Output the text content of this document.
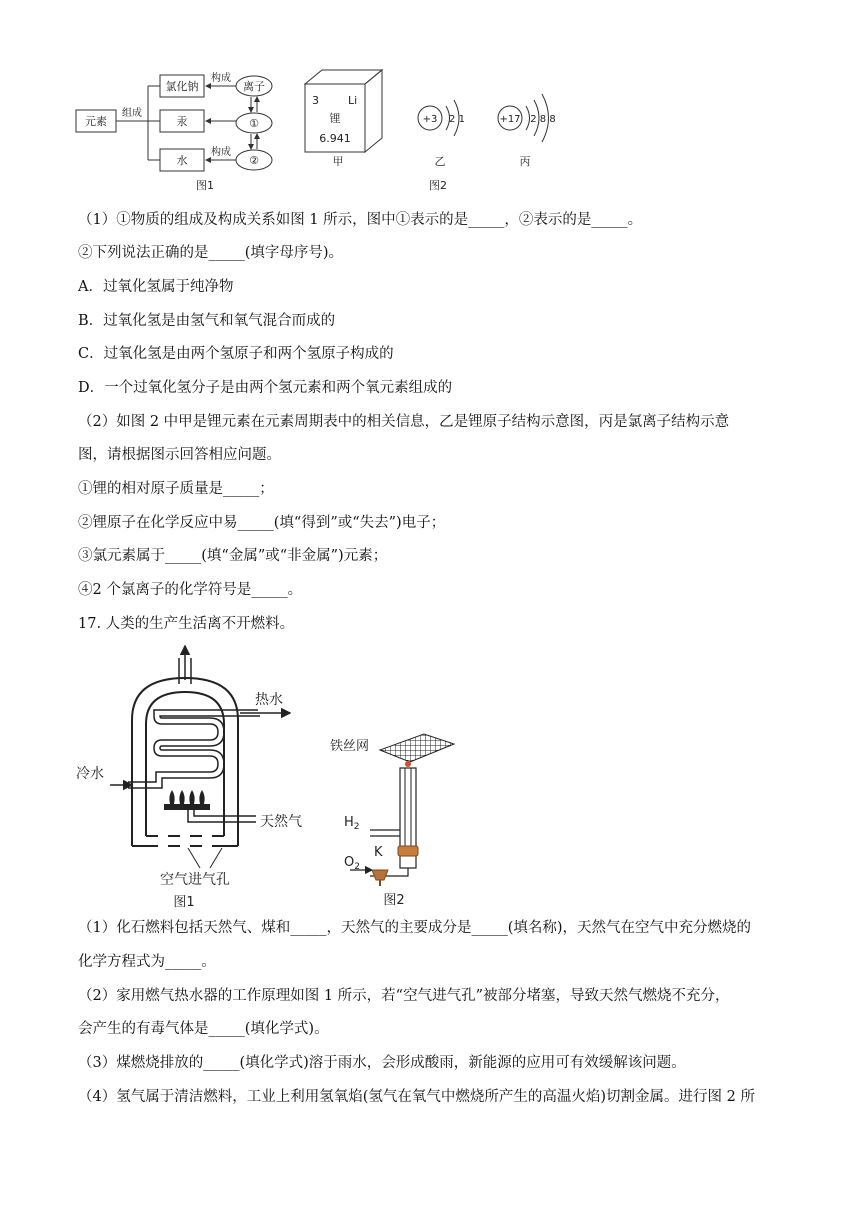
元素
组成
氯化钠
汞
水
离子
①
②
构成
构成
图1
3	Li
锂
6.941
甲
+3 2 1
乙
+17 2 8 8
丙
图2
（1）①物质的组成及构成关系如图 1 所示，图中①表示的是_____，②表示的是_____。
②下列说法正确的是_____(填字母序号)。
A．过氧化氢属于纯净物
B．过氧化氢是由氢气和氧气混合而成的
C．过氧化氢是由两个氢原子和两个氢原子构成的
D．一个过氧化氢分子是由两个氢元素和两个氧元素组成的
（2）如图 2 中甲是锂元素在元素周期表中的相关信息，乙是锂原子结构示意图，丙是氯离子结构示意
图，请根据图示回答相应问题。
①锂的相对原子质量是_____；
②锂原子在化学反应中易_____(填“得到”或“失去”)电子；
③氯元素属于_____(填“金属”或“非金属”)元素；
④2 个氯离子的化学符号是_____。
17. 人类的生产生活离不开燃料。
热水
冷水
天然气
空气进气孔
图1
铁丝网
$H_2$
$O_2$
K
图2
（1）化石燃料包括天然气、煤和_____，天然气的主要成分是_____(填名称)，天然气在空气中充分燃烧的
化学方程式为_____。
（2）家用燃气热水器的工作原理如图 1 所示，若“空气进气孔”被部分堵塞，导致天然气燃烧不充分，
会产生的有毒气体是_____(填化学式)。
（3）煤燃烧排放的_____(填化学式)溶于雨水，会形成酸雨，新能源的应用可有效缓解该问题。
（4）氢气属于清洁燃料，工业上利用氢氧焰(氢气在氧气中燃烧所产生的高温火焰)切割金属。进行图 2 所
